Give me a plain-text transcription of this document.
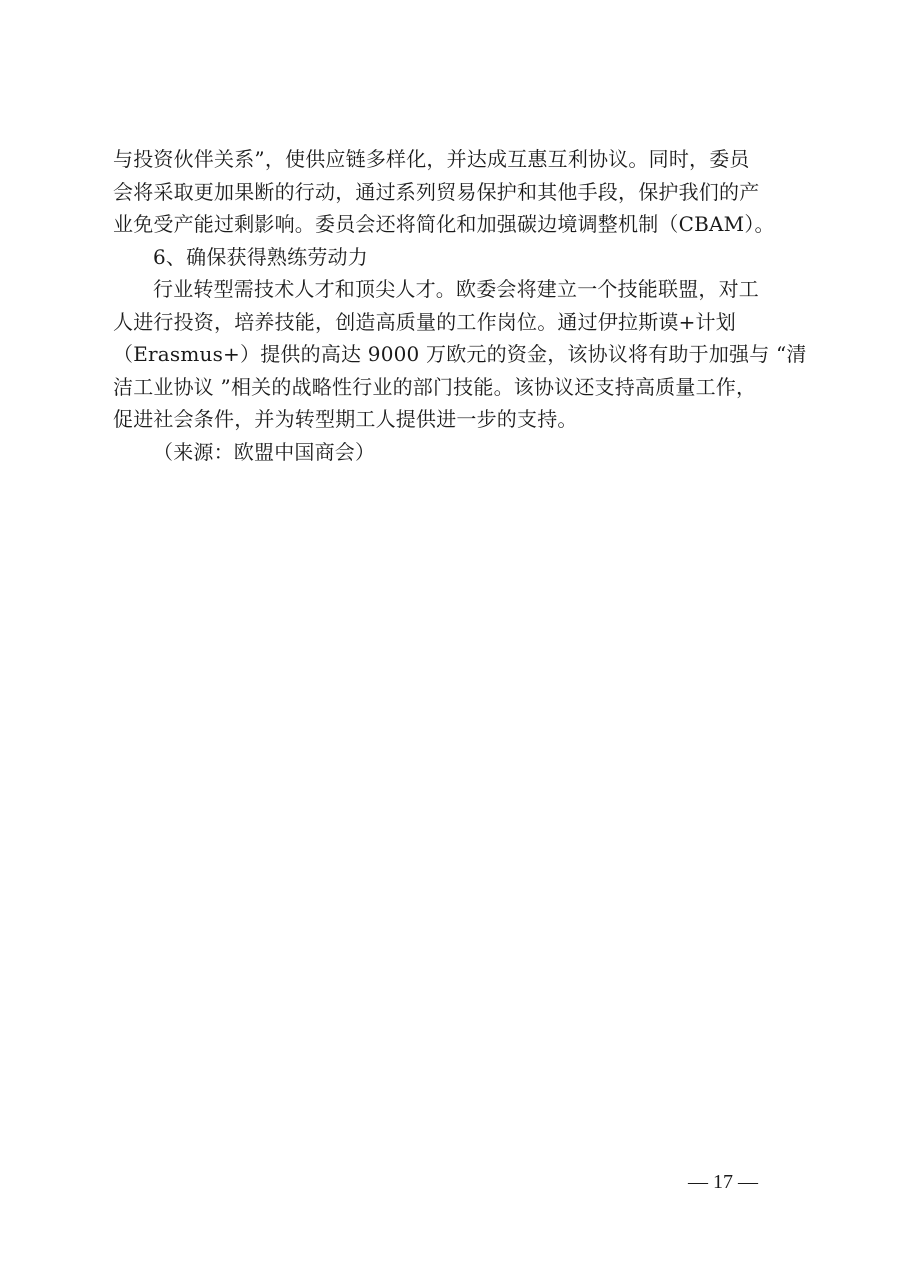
与投资伙伴关系”，使供应链多样化，并达成互惠互利协议。同时，委员
会将采取更加果断的行动，通过系列贸易保护和其他手段，保护我们的产
业免受产能过剩影响。委员会还将简化和加强碳边境调整机制（CBAM）。
6、确保获得熟练劳动力
行业转型需技术人才和顶尖人才。欧委会将建立一个技能联盟，对工
人进行投资，培养技能，创造高质量的工作岗位。通过伊拉斯谟+计划
（Erasmus+）提供的高达 9000 万欧元的资金，该协议将有助于加强与 “清
洁工业协议 ”相关的战略性行业的部门技能。该协议还支持高质量工作，
促进社会条件，并为转型期工人提供进一步的支持。
（来源：欧盟中国商会）
— 17 —
